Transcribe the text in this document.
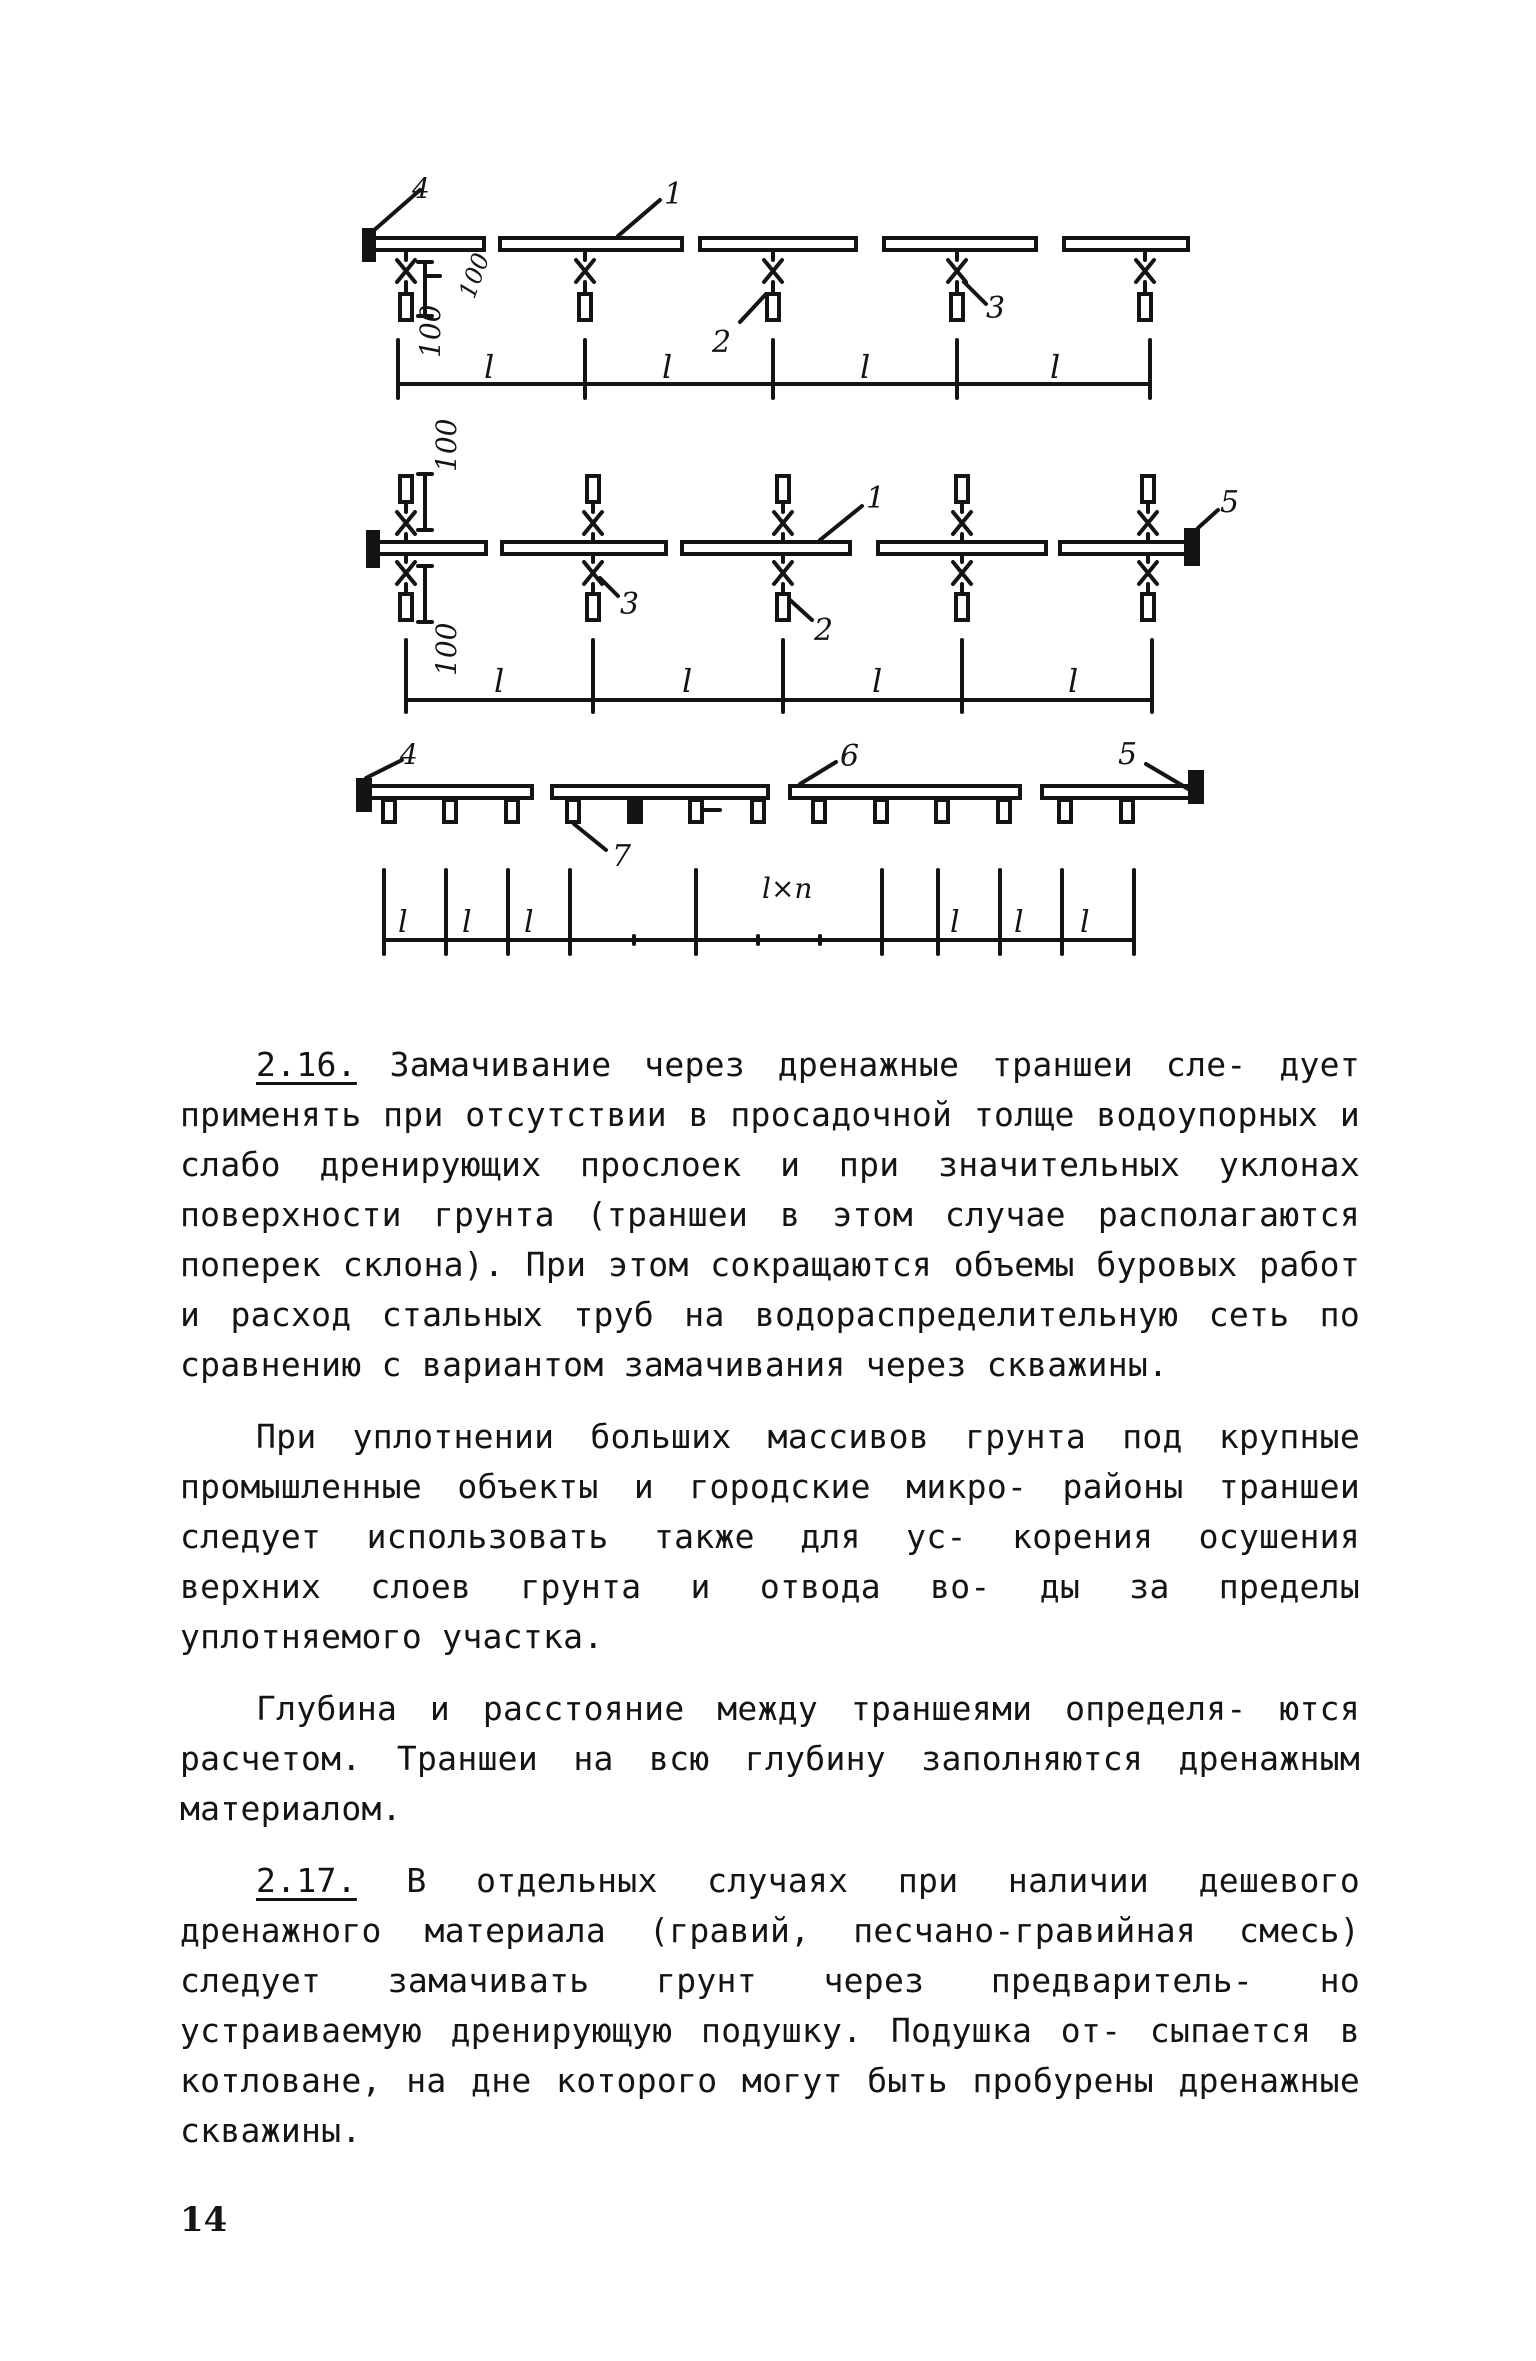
100
100
4	1
2
3
l	l	l	l
100
100
1	5
3
2
l	l	l	l
4	6	5
7
l l l
l×n
l l l

2.16. Замачивание через дренажные траншеи сле- дует применять при отсутствии в просадочной толще водоупорных и слабо дренирующих прослоек и при значительных уклонах поверхности грунта (траншеи в этом случае располагаются поперек склона). При этом сокращаются объемы буровых работ и расход стальных труб на водораспределительную сеть по сравнению с вариантом замачивания через скважины.

При уплотнении больших массивов грунта под крупные промышленные объекты и городские микро- районы траншеи следует использовать также для ус- корения осушения верхних слоев грунта и отвода во- ды за пределы уплотняемого участка.

Глубина и расстояние между траншеями определя- ются расчетом. Траншеи на всю глубину заполняются дренажным материалом.

2.17. В отдельных случаях при наличии дешевого дренажного материала (гравий, песчано-гравийная смесь) следует замачивать грунт через предваритель- но устраиваемую дренирующую подушку. Подушка от- сыпается в котловане, на дне которого могут быть пробурены дренажные скважины.

14
